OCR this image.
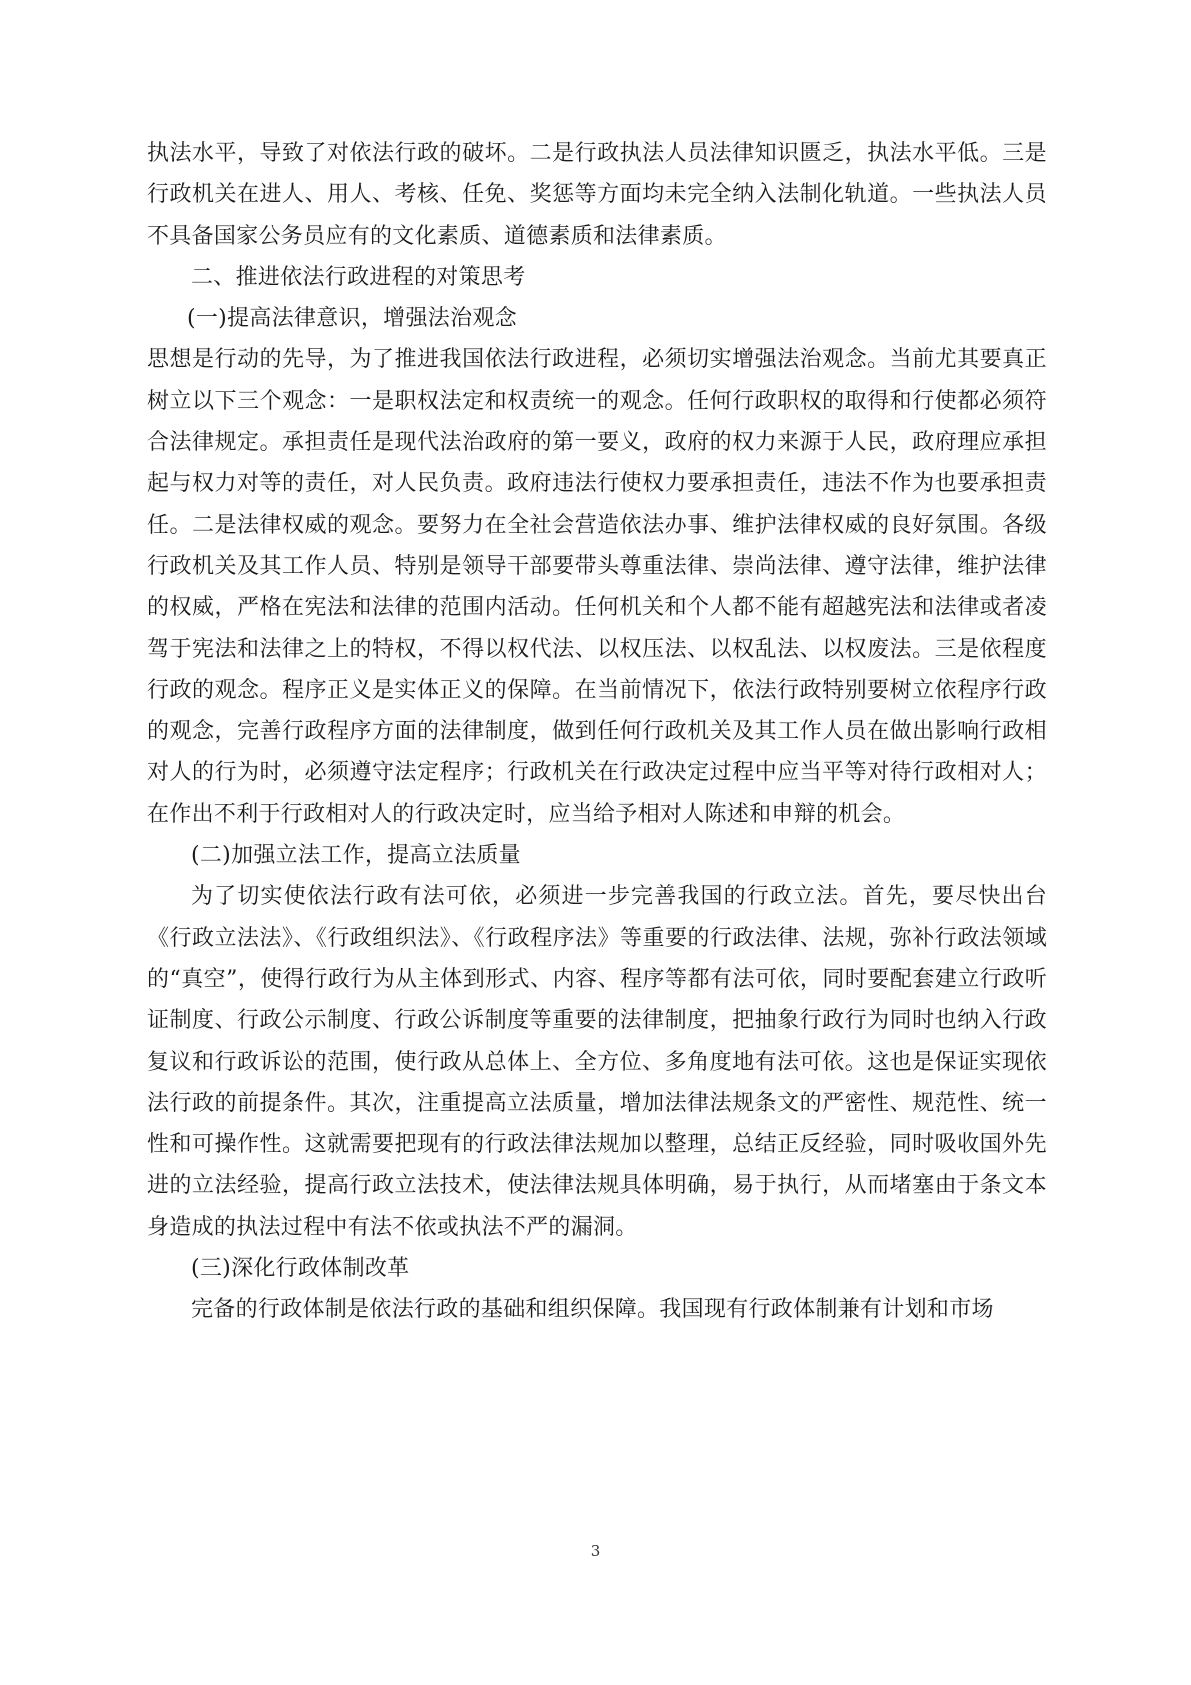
执法水平，导致了对依法行政的破坏。二是行政执法人员法律知识匮乏，执法水平低。三是行政机关在进人、用人、考核、任免、奖惩等方面均未完全纳入法制化轨道。一些执法人员不具备国家公务员应有的文化素质、道德素质和法律素质。

二、推进依法行政进程的对策思考

(一)提高法律意识，增强法治观念

思想是行动的先导，为了推进我国依法行政进程，必须切实增强法治观念。当前尤其要真正树立以下三个观念：一是职权法定和权责统一的观念。任何行政职权的取得和行使都必须符合法律规定。承担责任是现代法治政府的第一要义，政府的权力来源于人民，政府理应承担起与权力对等的责任，对人民负责。政府违法行使权力要承担责任，违法不作为也要承担责任。二是法律权威的观念。要努力在全社会营造依法办事、维护法律权威的良好氛围。各级行政机关及其工作人员、特别是领导干部要带头尊重法律、崇尚法律、遵守法律，维护法律的权威，严格在宪法和法律的范围内活动。任何机关和个人都不能有超越宪法和法律或者凌驾于宪法和法律之上的特权，不得以权代法、以权压法、以权乱法、以权废法。三是依程度行政的观念。程序正义是实体正义的保障。在当前情况下，依法行政特别要树立依程序行政的观念，完善行政程序方面的法律制度，做到任何行政机关及其工作人员在做出影响行政相对人的行为时，必须遵守法定程序；行政机关在行政决定过程中应当平等对待行政相对人；在作出不利于行政相对人的行政决定时，应当给予相对人陈述和申辩的机会。

(二)加强立法工作，提高立法质量

为了切实使依法行政有法可依，必须进一步完善我国的行政立法。首先，要尽快出台《行政立法法》、《行政组织法》、《行政程序法》等重要的行政法律、法规，弥补行政法领域的“真空”，使得行政行为从主体到形式、内容、程序等都有法可依，同时要配套建立行政听证制度、行政公示制度、行政公诉制度等重要的法律制度，把抽象行政行为同时也纳入行政复议和行政诉讼的范围，使行政从总体上、全方位、多角度地有法可依。这也是保证实现依法行政的前提条件。其次，注重提高立法质量，增加法律法规条文的严密性、规范性、统一性和可操作性。这就需要把现有的行政法律法规加以整理，总结正反经验，同时吸收国外先进的立法经验，提高行政立法技术，使法律法规具体明确，易于执行，从而堵塞由于条文本身造成的执法过程中有法不依或执法不严的漏洞。

(三)深化行政体制改革

完备的行政体制是依法行政的基础和组织保障。我国现有行政体制兼有计划和市场

3
